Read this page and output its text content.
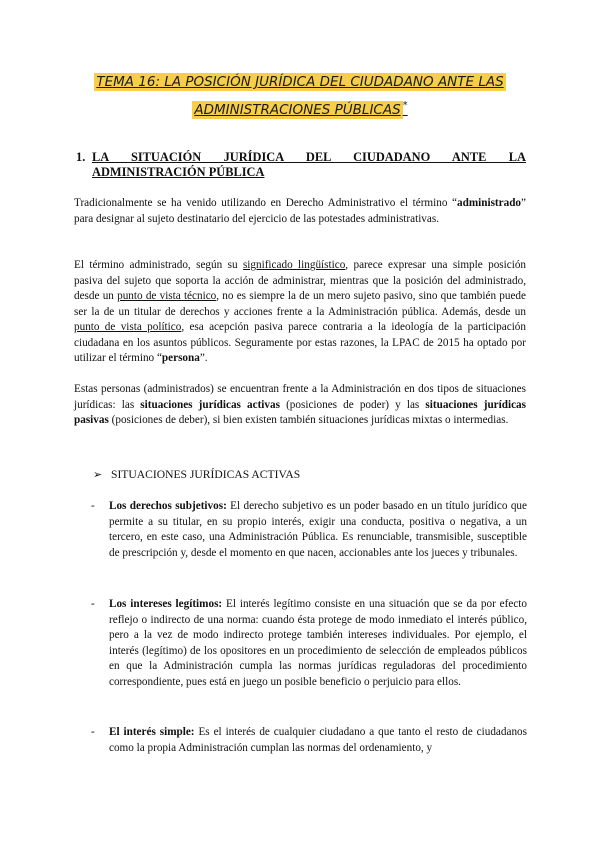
TEMA 16: LA POSICIÓN JURÍDICA DEL CIUDADANO ANTE LAS
ADMINISTRACIONES PÚBLICAS *
1. LA SITUACIÓN JURÍDICA DEL CIUDADANO ANTE LA
ADMINISTRACIÓN PÚBLICA
Tradicionalmente se ha venido utilizando en Derecho Administrativo el término “administrado” para designar al sujeto destinatario del ejercicio de las potestades administrativas.
El término administrado, según su significado lingüístico, parece expresar una simple posición pasiva del sujeto que soporta la acción de administrar, mientras que la posición del administrado, desde un punto de vista técnico, no es siempre la de un mero sujeto pasivo, sino que también puede ser la de un titular de derechos y acciones frente a la Administración pública. Además, desde un punto de vista político, esa acepción pasiva parece contraria a la ideología de la participación ciudadana en los asuntos públicos. Seguramente por estas razones, la LPAC de 2015 ha optado por utilizar el término “persona”.
Estas personas (administrados) se encuentran frente a la Administración en dos tipos de situaciones jurídicas: las situaciones jurídicas activas (posiciones de poder) y las situaciones jurídicas pasivas (posiciones de deber), si bien existen también situaciones jurídicas mixtas o intermedias.
➢ SITUACIONES JURÍDICAS ACTIVAS
- Los derechos subjetivos: El derecho subjetivo es un poder basado en un título jurídico que permite a su titular, en su propio interés, exigir una conducta, positiva o negativa, a un tercero, en este caso, una Administración Pública. Es renunciable, transmisible, susceptible de prescripción y, desde el momento en que nacen, accionables ante los jueces y tribunales.
- Los intereses legítimos: El interés legítimo consiste en una situación que se da por efecto reflejo o indirecto de una norma: cuando ésta protege de modo inmediato el interés público, pero a la vez de modo indirecto protege también intereses individuales. Por ejemplo, el interés (legítimo) de los opositores en un procedimiento de selección de empleados públicos en que la Administración cumpla las normas jurídicas reguladoras del procedimiento correspondiente, pues está en juego un posible beneficio o perjuicio para ellos.
- El interés simple: Es el interés de cualquier ciudadano a que tanto el resto de ciudadanos como la propia Administración cumplan las normas del ordenamiento, y
